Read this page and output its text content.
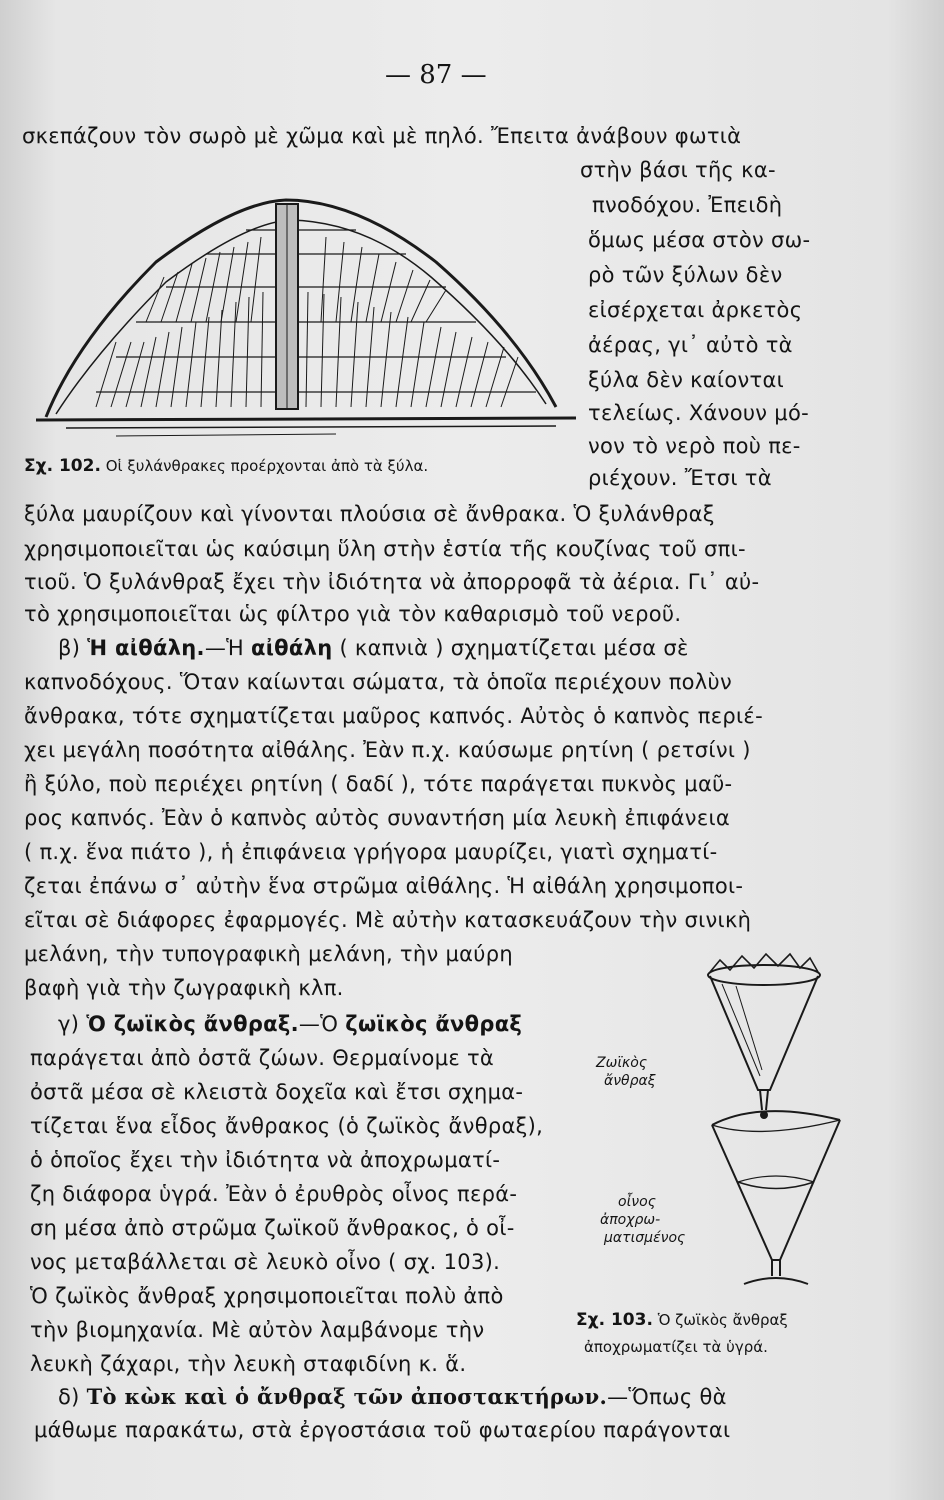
— 87 —
σκεπάζουν τὸν σωρὸ μὲ χῶμα καὶ μὲ πηλό. Ἔπειτα ἀνάβουν φωτιὰ
στὴν βάσι τῆς κα-
πνοδόχου. Ἐπειδὴ
ὅμως μέσα στὸν σω-
ρὸ τῶν ξύλων δὲν
εἰσέρχεται ἀρκετὸς
ἀέρας, γι᾿ αὐτὸ τὰ
ξύλα δὲν καίονται
τελείως. Χάνουν μό-
νον τὸ νερὸ ποὺ πε-
ριέχουν. Ἔτσι τὰ
Σχ. 102. Οἱ ξυλάνθρακες προέρχονται ἀπὸ τὰ ξύλα.
ξύλα μαυρίζουν καὶ γίνονται πλούσια σὲ ἄνθρακα. Ὁ ξυλάνθραξ
χρησιμοποιεῖται ὡς καύσιμη ὕλη στὴν ἑστία τῆς κουζίνας τοῦ σπι-
τιοῦ. Ὁ ξυλάνθραξ ἔχει τὴν ἰδιότητα νὰ ἀπορροφᾶ τὰ ἀέρια. Γι᾿ αὐ-
τὸ χρησιμοποιεῖται ὡς φίλτρο γιὰ τὸν καθαρισμὸ τοῦ νεροῦ.
β) Ἡ αἰθάλη.—Ἡ αἰθάλη ( καπνιὰ ) σχηματίζεται μέσα σὲ
καπνοδόχους. Ὅταν καίωνται σώματα, τὰ ὁποῖα περιέχουν πολὺν
ἄνθρακα, τότε σχηματίζεται μαῦρος καπνός. Αὐτὸς ὁ καπνὸς περιέ-
χει μεγάλη ποσότητα αἰθάλης. Ἐὰν π.χ. καύσωμε ρητίνη ( ρετσίνι )
ἢ ξύλο, ποὺ περιέχει ρητίνη ( δαδί ), τότε παράγεται πυκνὸς μαῦ-
ρος καπνός. Ἐὰν ὁ καπνὸς αὐτὸς συναντήση μία λευκὴ ἐπιφάνεια
( π.χ. ἕνα πιάτο ), ἡ ἐπιφάνεια γρήγορα μαυρίζει, γιατὶ σχηματί-
ζεται ἐπάνω σ᾿ αὐτὴν ἕνα στρῶμα αἰθάλης. Ἡ αἰθάλη χρησιμοποι-
εῖται σὲ διάφορες ἐφαρμογές. Μὲ αὐτὴν κατασκευάζουν τὴν σινικὴ
μελάνη, τὴν τυπογραφικὴ μελάνη, τὴν μαύρη
βαφὴ γιὰ τὴν ζωγραφικὴ κλπ.
γ) Ὁ ζωϊκὸς ἄνθραξ.—Ὁ ζωϊκὸς ἄνθραξ
παράγεται ἀπὸ ὀστᾶ ζώων. Θερμαίνομε τὰ
ὀστᾶ μέσα σὲ κλειστὰ δοχεῖα καὶ ἔτσι σχημα-
τίζεται ἕνα εἶδος ἄνθρακος (ὁ ζωϊκὸς ἄνθραξ),
ὁ ὁποῖος ἔχει τὴν ἰδιότητα νὰ ἀποχρωματί-
ζη διάφορα ὑγρά. Ἐὰν ὁ ἐρυθρὸς οἶνος περά-
ση μέσα ἀπὸ στρῶμα ζωϊκοῦ ἄνθρακος, ὁ οἶ-
νος μεταβάλλεται σὲ λευκὸ οἶνο ( σχ. 103).
Ὁ ζωϊκὸς ἄνθραξ χρησιμοποιεῖται πολὺ ἀπὸ
τὴν βιομηχανία. Μὲ αὐτὸν λαμβάνομε τὴν
λευκὴ ζάχαρι, τὴν λευκὴ σταφιδίνη κ. ἅ.
Ζωϊκὸς
ἄνθραξ
οἶνος
ἀποχρω-
ματισμένος
Σχ. 103. Ὁ ζωϊκὸς ἄνθραξ
ἀποχρωματίζει τὰ ὑγρά.
δ) Τὸ κὼκ καὶ ὁ ἄνθραξ τῶν ἀποστακτήρων.—Ὅπως θὰ
μάθωμε παρακάτω, στὰ ἐργοστάσια τοῦ φωταερίου παράγονται
